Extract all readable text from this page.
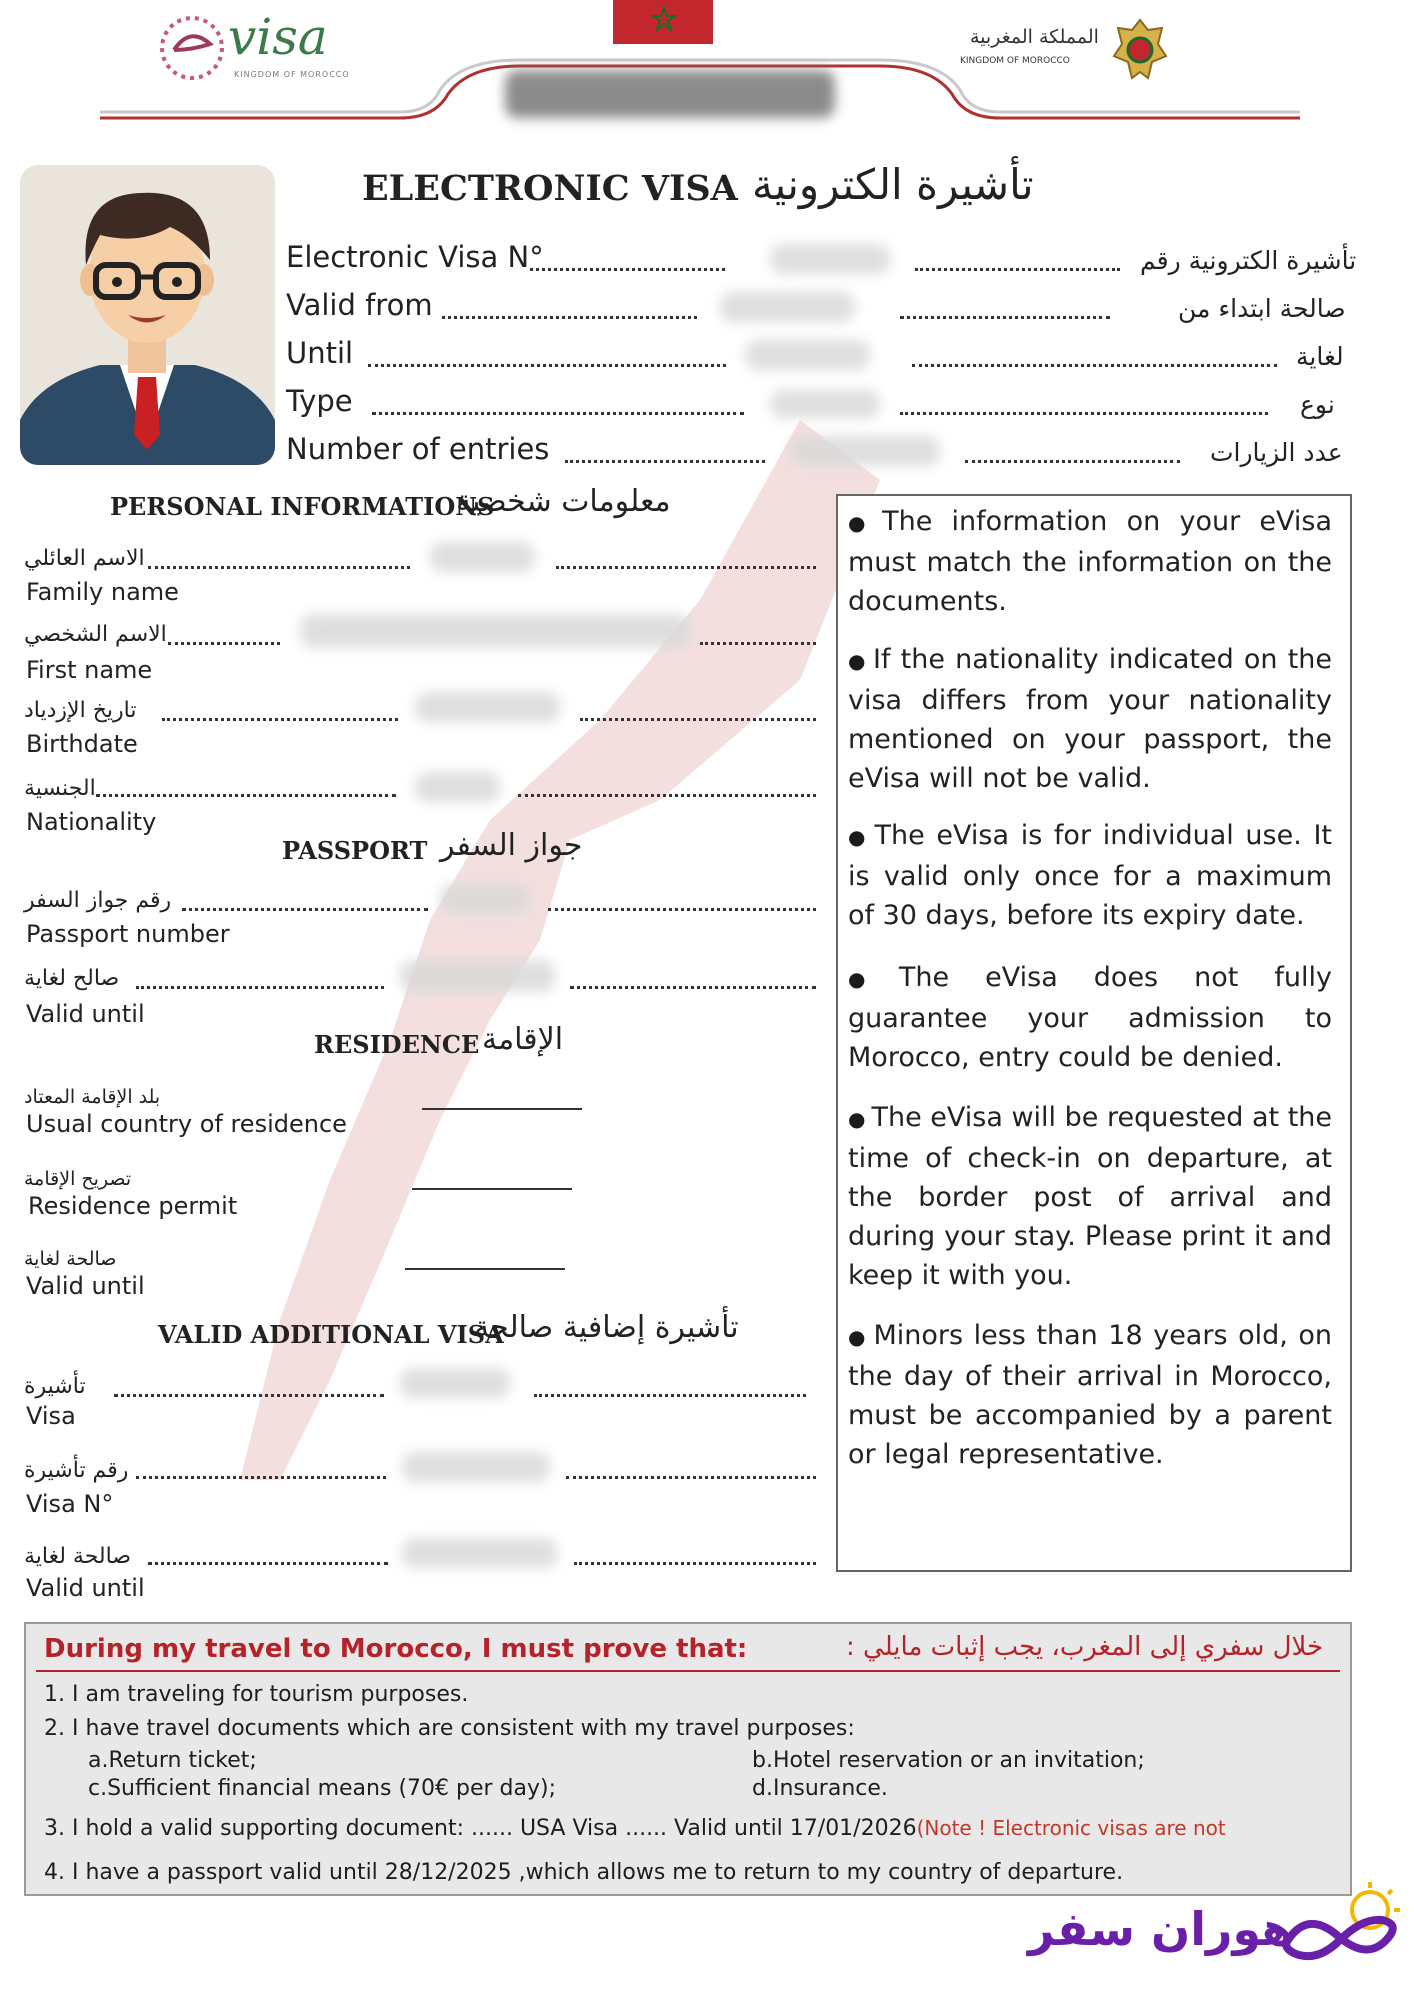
visa
KINGDOM OF MOROCCO
المملكة المغربية
KINGDOM OF MOROCCO
ELECTRONIC VISA تأشيرة الكترونية
Electronic Visa N°	تأشيرة الكترونية رقم
Valid from	صالحة ابتداء من
Until	لغاية
Type	نوع
Number of entries	عدد الزيارات
PERSONAL INFORMATIONS
معلومات شخصية
الاسم العائلي
Family name
الاسم الشخصي
First name
تاريخ الإزدياد
Birthdate
الجنسية
Nationality
PASSPORT جواز السفر
رقم جواز السفر
Passport number
صالح لغاية
Valid until
RESIDENCE الإقامة
بلد الإقامة المعتاد
Usual country of residence
تصريح الإقامة
Residence permit
صالحة لغاية
Valid until
VALID ADDITIONAL VISA
تأشيرة إضافية صالحة
تأشيرة
Visa
رقم تأشيرة
Visa N°
صالحة لغاية
Valid until
● The information on your eVisa must match the information on the documents.
● If the nationality indicated on the visa differs from your nationality mentioned on your passport, the eVisa will not be valid.
● The eVisa is for individual use. It is valid only once for a maximum of 30 days, before its expiry date.
● The eVisa does not fully guarantee your admission to Morocco, entry could be denied.
● The eVisa will be requested at the time of check-in on departure, at the border post of arrival and during your stay. Please print it and keep it with you.
● Minors less than 18 years old, on the day of their arrival in Morocco, must be accompanied by a parent or legal representative.
During my travel to Morocco, I must prove that:	خلال سفري إلى المغرب، يجب إثبات مايلي :
1. I am traveling for tourism purposes.
2. I have travel documents which are consistent with my travel purposes:
a.Return ticket;	b.Hotel reservation or an invitation;
c.Sufficient financial means (70€ per day);	d.Insurance.
3. I hold a valid supporting document: ...... USA Visa ...... Valid until 17/01/2026(Note ! Electronic visas are not
4. I have a passport valid until 28/12/2025 ,which allows me to return to my country of departure.
هوران سفر
